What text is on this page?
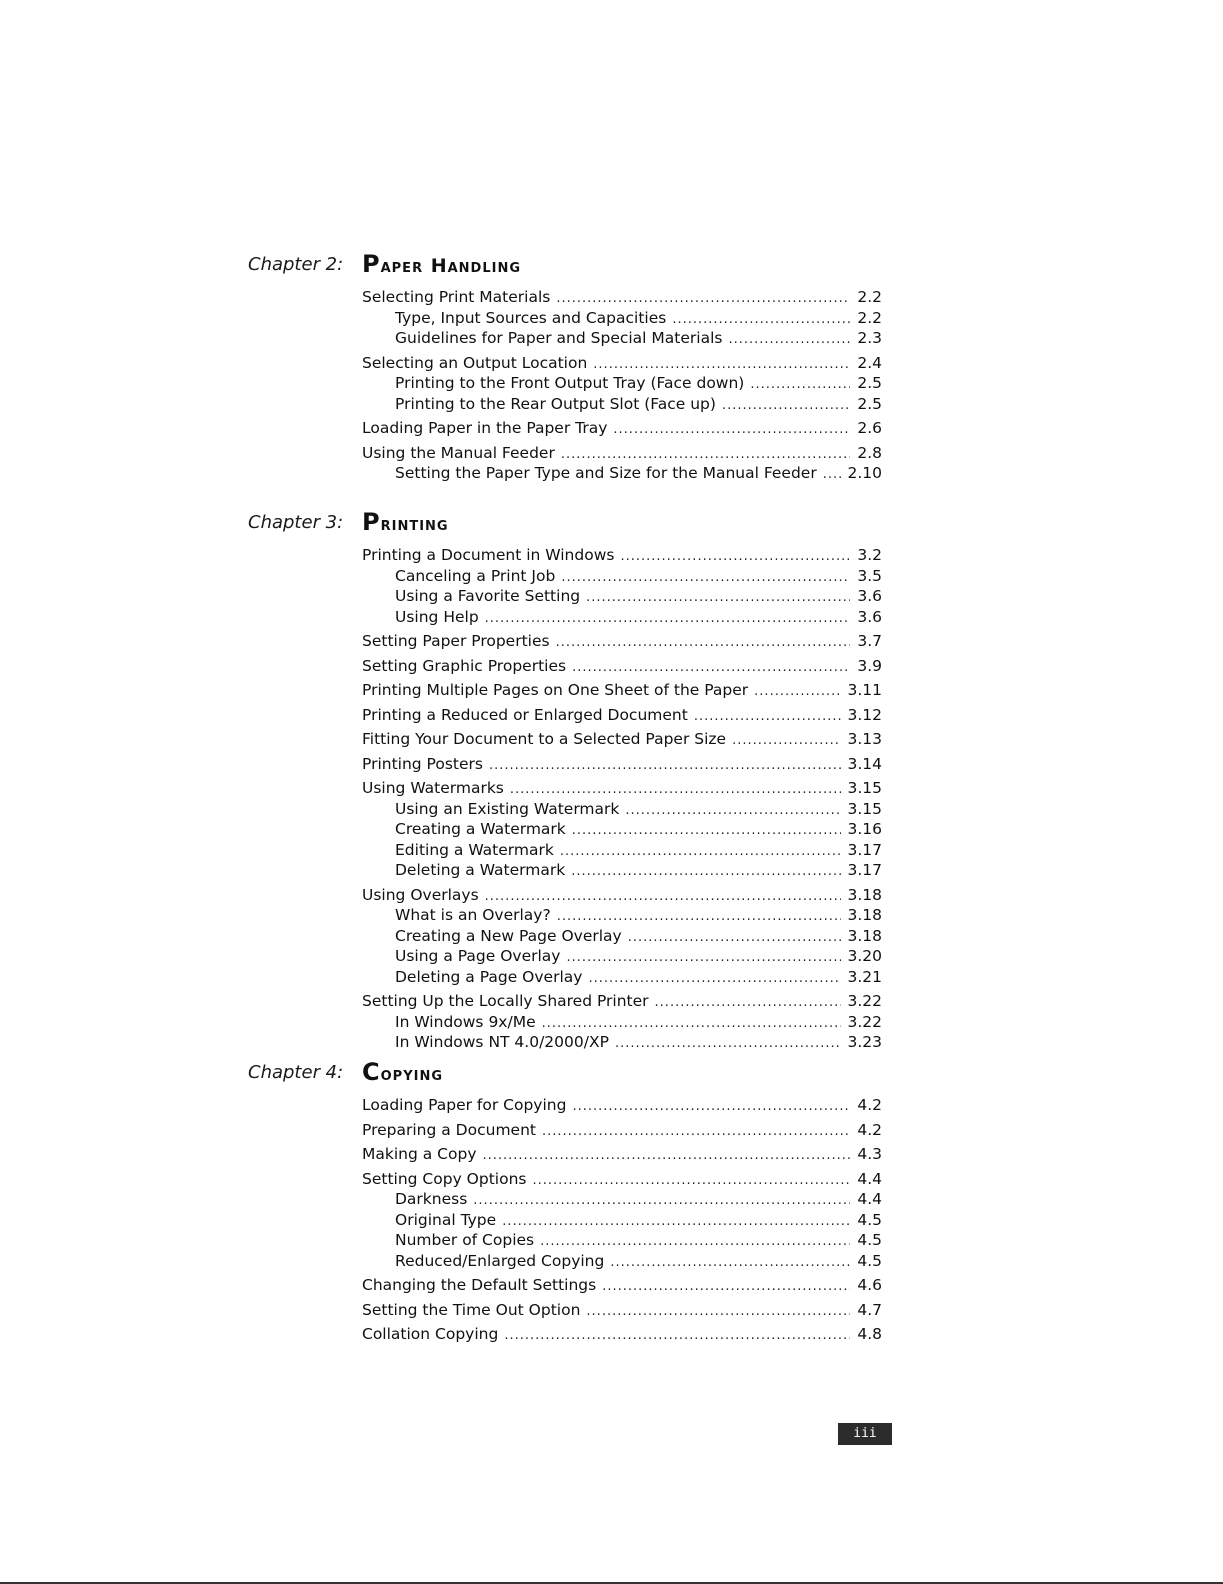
Chapter 2: Paper Handling
Selecting Print Materials .....	2.2
Type, Input Sources and Capacities .....	2.2
Guidelines for Paper and Special Materials .....	2.3
Selecting an Output Location .....	2.4
Printing to the Front Output Tray (Face down) .....	2.5
Printing to the Rear Output Slot (Face up) .....	2.5
Loading Paper in the Paper Tray .....	2.6
Using the Manual Feeder .....	2.8
Setting the Paper Type and Size for the Manual Feeder ..... 2.10
Chapter 3: Printing
Printing a Document in Windows .....	3.2
Canceling a Print Job .....	3.5
Using a Favorite Setting .....	3.6
Using Help .....	3.6
Setting Paper Properties .....	3.7
Setting Graphic Properties .....	3.9
Printing Multiple Pages on One Sheet of the Paper .....	3.11
Printing a Reduced or Enlarged Document .....	3.12
Fitting Your Document to a Selected Paper Size .....	3.13
Printing Posters .....	3.14
Using Watermarks .....	3.15
Using an Existing Watermark .....	3.15
Creating a Watermark .....	3.16
Editing a Watermark .....	3.17
Deleting a Watermark .....	3.17
Using Overlays .....	3.18
What is an Overlay? .....	3.18
Creating a New Page Overlay .....	3.18
Using a Page Overlay .....	3.20
Deleting a Page Overlay .....	3.21
Setting Up the Locally Shared Printer .....	3.22
In Windows 9x/Me .....	3.22
In Windows NT 4.0/2000/XP .....	3.23
Chapter 4: Copying
Loading Paper for Copying .....	4.2
Preparing a Document .....	4.2
Making a Copy .....	4.3
Setting Copy Options .....	4.4
Darkness .....	4.4
Original Type .....	4.5
Number of Copies .....	4.5
Reduced/Enlarged Copying .....	4.5
Changing the Default Settings .....	4.6
Setting the Time Out Option .....	4.7
Collation Copying .....	4.8
iii
